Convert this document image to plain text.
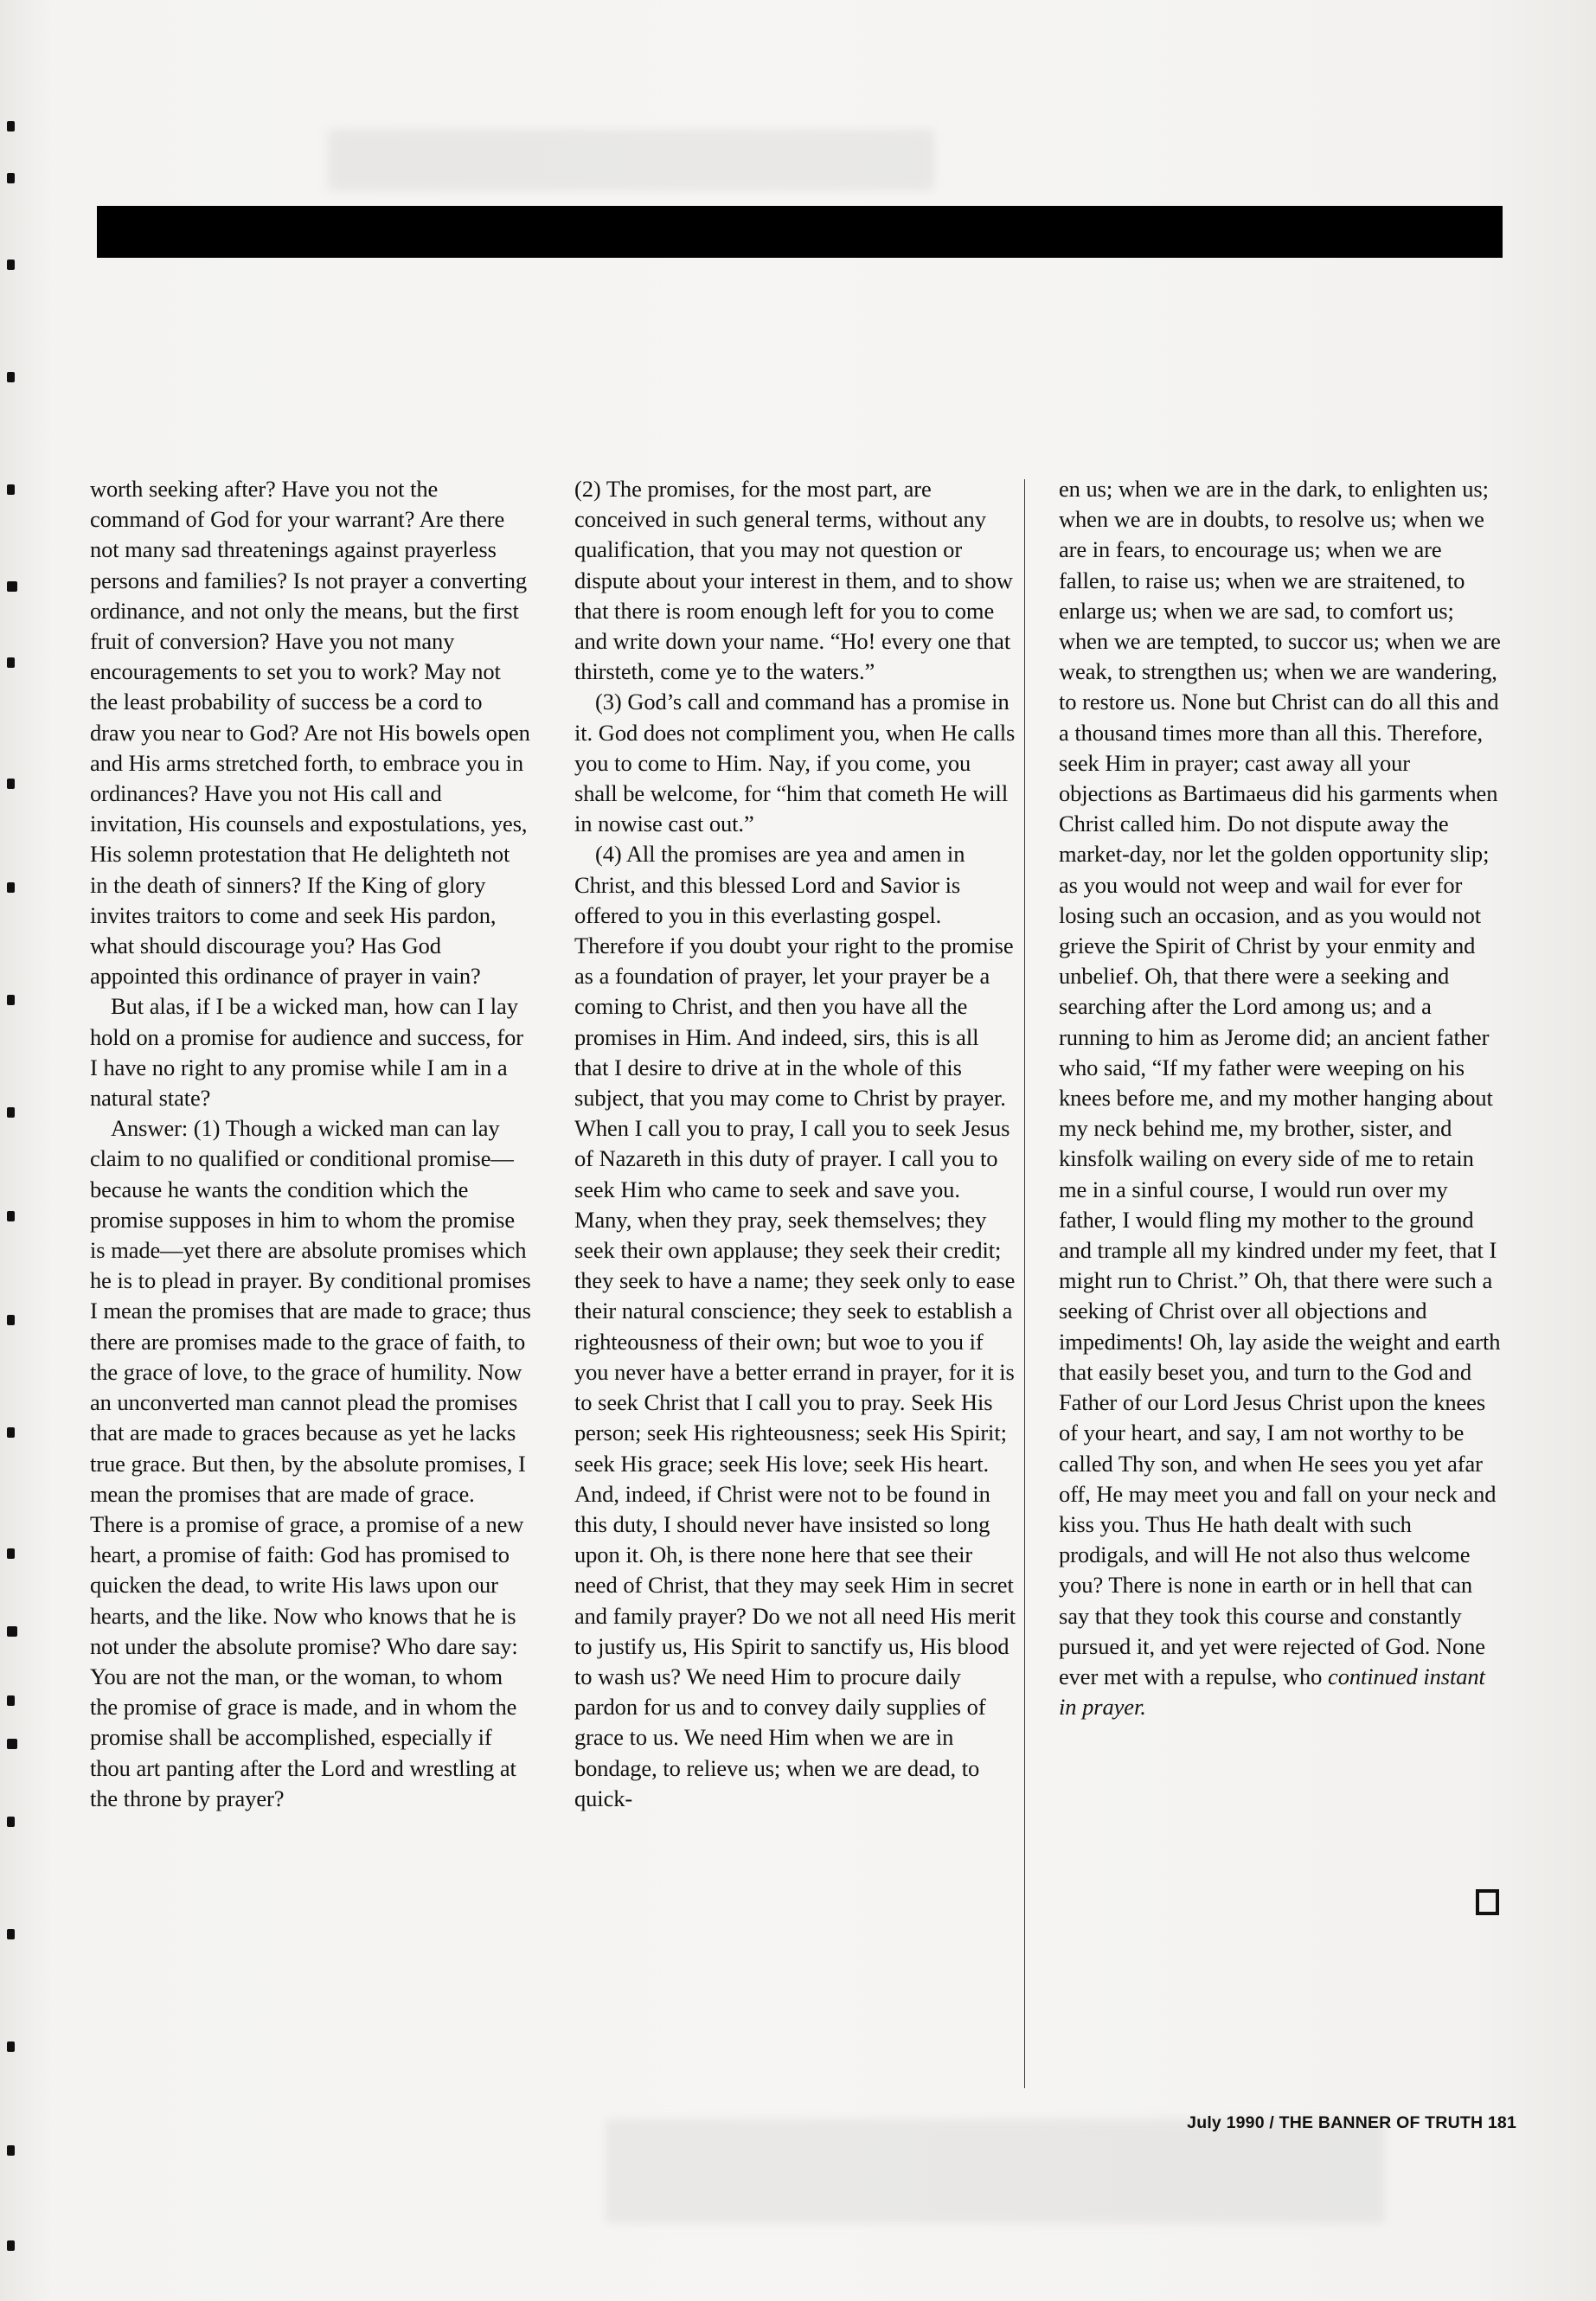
worth seeking after? Have you not the command of God for your warrant? Are there not many sad threatenings against prayerless persons and families? Is not prayer a converting ordinance, and not only the means, but the first fruit of conversion? Have you not many encouragements to set you to work? May not the least probability of success be a cord to draw you near to God? Are not His bowels open and His arms stretched forth, to embrace you in ordinances? Have you not His call and invitation, His counsels and expostulations, yes, His solemn protestation that He delighteth not in the death of sinners? If the King of glory invites traitors to come and seek His pardon, what should discourage you? Has God appointed this ordinance of prayer in vain?

But alas, if I be a wicked man, how can I lay hold on a promise for audience and success, for I have no right to any promise while I am in a natural state?

Answer: (1) Though a wicked man can lay claim to no qualified or conditional promise—because he wants the condition which the promise supposes in him to whom the promise is made—yet there are absolute promises which he is to plead in prayer. By conditional promises I mean the promises that are made to grace; thus there are promises made to the grace of faith, to the grace of love, to the grace of humility. Now an unconverted man cannot plead the promises that are made to graces because as yet he lacks true grace. But then, by the absolute promises, I mean the promises that are made of grace. There is a promise of grace, a promise of a new heart, a promise of faith: God has promised to quicken the dead, to write His laws upon our hearts, and the like. Now who knows that he is not under the absolute promise? Who dare say: You are not the man, or the woman, to whom the promise of grace is made, and in whom the promise shall be accomplished, especially if thou art panting after the Lord and wrestling at the throne by prayer?

(2) The promises, for the most part, are conceived in such general terms, without any qualification, that you may not question or dispute about your interest in them, and to show that there is room enough left for you to come and write down your name. “Ho! every one that thirsteth, come ye to the waters.”

(3) God’s call and command has a promise in it. God does not compliment you, when He calls you to come to Him. Nay, if you come, you shall be welcome, for “him that cometh He will in nowise cast out.”

(4) All the promises are yea and amen in Christ, and this blessed Lord and Savior is offered to you in this everlasting gospel. Therefore if you doubt your right to the promise as a foundation of prayer, let your prayer be a coming to Christ, and then you have all the promises in Him. And indeed, sirs, this is all that I desire to drive at in the whole of this subject, that you may come to Christ by prayer. When I call you to pray, I call you to seek Jesus of Nazareth in this duty of prayer. I call you to seek Him who came to seek and save you. Many, when they pray, seek themselves; they seek their own applause; they seek their credit; they seek to have a name; they seek only to ease their natural conscience; they seek to establish a righteousness of their own; but woe to you if you never have a better errand in prayer, for it is to seek Christ that I call you to pray. Seek His person; seek His righteousness; seek His Spirit; seek His grace; seek His love; seek His heart. And, indeed, if Christ were not to be found in this duty, I should never have insisted so long upon it. Oh, is there none here that see their need of Christ, that they may seek Him in secret and family prayer? Do we not all need His merit to justify us, His Spirit to sanctify us, His blood to wash us? We need Him to procure daily pardon for us and to convey daily supplies of grace to us. We need Him when we are in bondage, to relieve us; when we are dead, to quick-

en us; when we are in the dark, to enlighten us; when we are in doubts, to resolve us; when we are in fears, to encourage us; when we are fallen, to raise us; when we are straitened, to enlarge us; when we are sad, to comfort us; when we are tempted, to succor us; when we are weak, to strengthen us; when we are wandering, to restore us. None but Christ can do all this and a thousand times more than all this. Therefore, seek Him in prayer; cast away all your objections as Bartimaeus did his garments when Christ called him. Do not dispute away the market-day, nor let the golden opportunity slip; as you would not weep and wail for ever for losing such an occasion, and as you would not grieve the Spirit of Christ by your enmity and unbelief. Oh, that there were a seeking and searching after the Lord among us; and a running to him as Jerome did; an ancient father who said, “If my father were weeping on his knees before me, and my mother hanging about my neck behind me, my brother, sister, and kinsfolk wailing on every side of me to retain me in a sinful course, I would run over my father, I would fling my mother to the ground and trample all my kindred under my feet, that I might run to Christ.” Oh, that there were such a seeking of Christ over all objections and impediments! Oh, lay aside the weight and earth that easily beset you, and turn to the God and Father of our Lord Jesus Christ upon the knees of your heart, and say, I am not worthy to be called Thy son, and when He sees you yet afar off, He may meet you and fall on your neck and kiss you. Thus He hath dealt with such prodigals, and will He not also thus welcome you? There is none in earth or in hell that can say that they took this course and constantly pursued it, and yet were rejected of God. None ever met with a repulse, who continued instant in prayer.

July 1990 / THE BANNER OF TRUTH 181
